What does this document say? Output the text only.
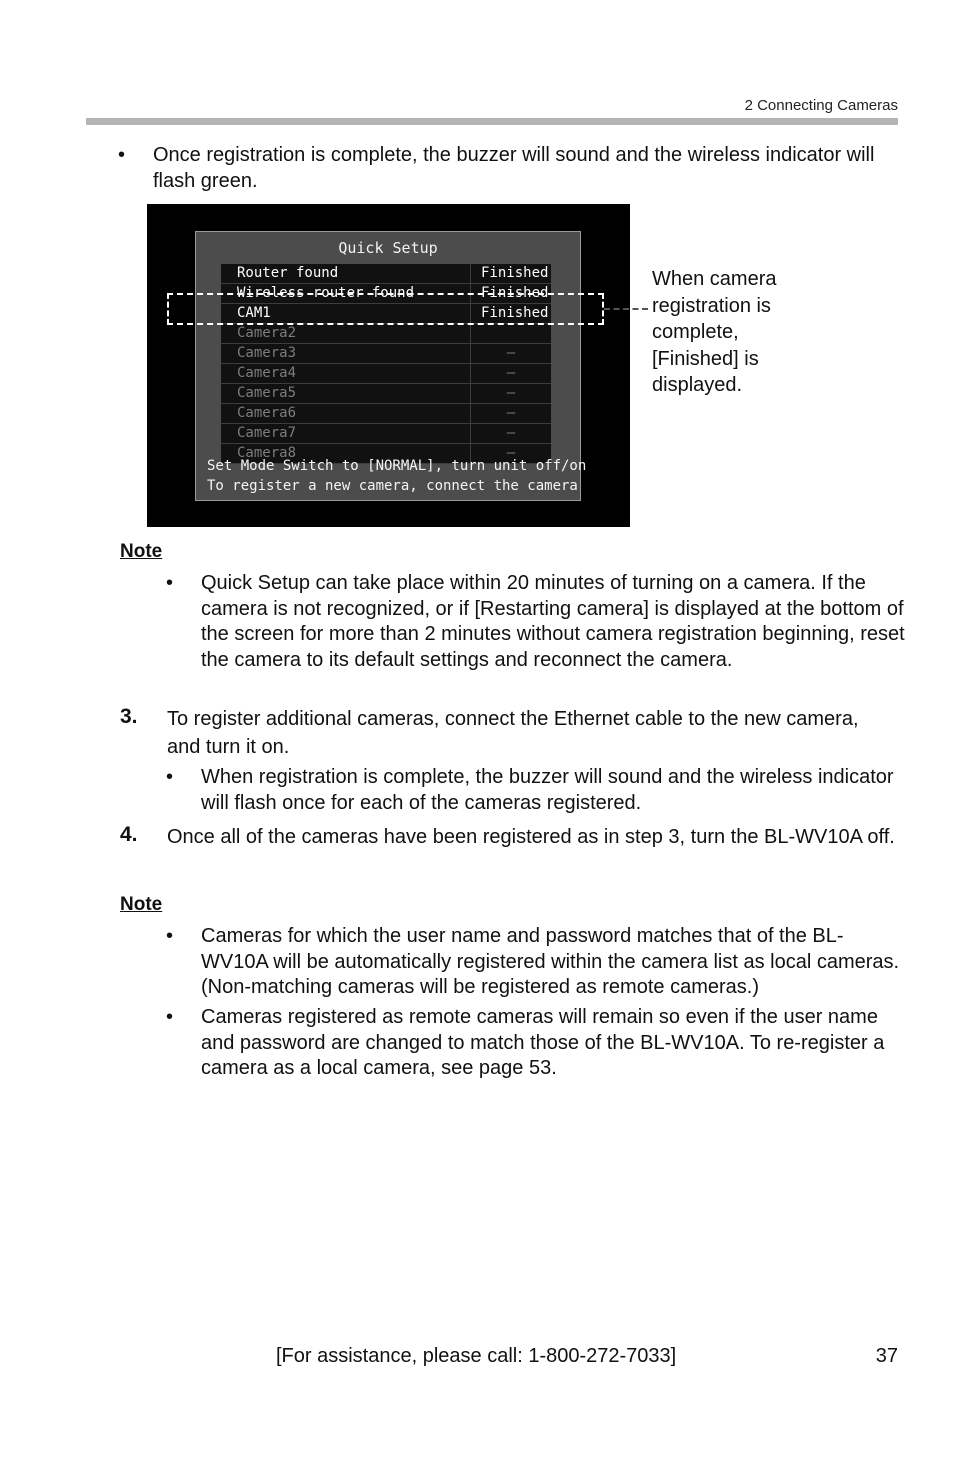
2 Connecting Cameras
• Once registration is complete, the buzzer will sound and the wireless indicator will flash green.
Quick Setup
Router found	Finished
Wireless router found	Finished
CAM1	Finished
Camera2	
Camera3	–
Camera4	–
Camera5	–
Camera6	–
Camera7	–
Camera8	–
Set Mode Switch to [NORMAL], turn unit off/on
To register a new camera, connect the camera
When camera registration is complete, [Finished] is displayed.
Note
• Quick Setup can take place within 20 minutes of turning on a camera. If the camera is not recognized, or if [Restarting camera] is displayed at the bottom of the screen for more than 2 minutes without camera registration beginning, reset the camera to its default settings and reconnect the camera.
3. To register additional cameras, connect the Ethernet cable to the new camera, and turn it on.
• When registration is complete, the buzzer will sound and the wireless indicator will flash once for each of the cameras registered.
4. Once all of the cameras have been registered as in step 3, turn the BL-WV10A off.
Note
• Cameras for which the user name and password matches that of the BL-WV10A will be automatically registered within the camera list as local cameras. (Non-matching cameras will be registered as remote cameras.)
• Cameras registered as remote cameras will remain so even if the user name and password are changed to match those of the BL-WV10A. To re-register a camera as a local camera, see page 53.
[For assistance, please call: 1-800-272-7033]	37
